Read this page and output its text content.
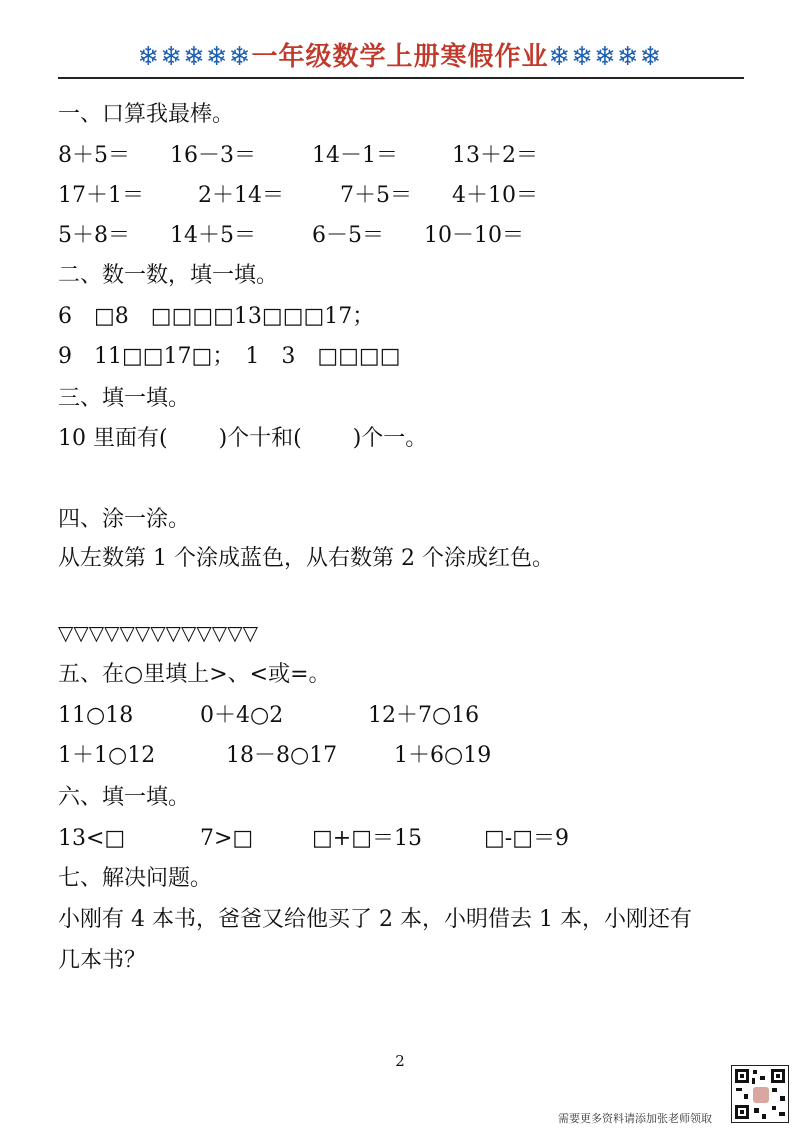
❄❄❄❄❄一年级数学上册寒假作业❄❄❄❄❄
一、口算我最棒。
8＋5＝ 16－3＝	14－1＝ 13＋2＝
17＋1＝ 2＋14＝	7＋5＝ 4＋10＝
5＋8＝ 14＋5＝	6－5＝ 10－10＝
二、数一数，填一填。
6　□8　□□□□13□□□17；
9　11□□17□；　1　3　□□□□
三、填一填。
10 里面有(　　 )个十和(　　 )个一。
四、涂一涂。
从左数第 1 个涂成蓝色，从右数第 2 个涂成红色。
▽▽▽▽▽▽▽▽▽▽▽▽▽
五、在○里填上>、<或=。
11○18	0＋4○2	12＋7○16
1＋1○12	18－8○17	1＋6○19
六、填一填。
13<□	7>□	□+□＝15	□-□＝9
七、解决问题。
小刚有 4 本书，爸爸又给他买了 2 本，小明借去 1 本，小刚还有
几本书？
2
需要更多资料请添加张老师领取
